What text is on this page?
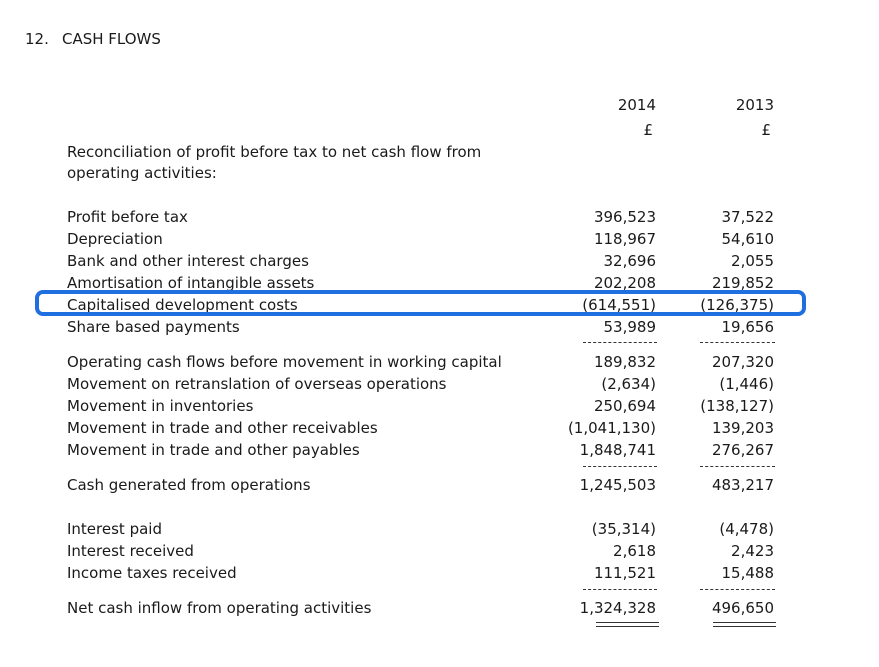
12. CASH FLOWS
2014	2013
£	£
Reconciliation of profit before tax to net cash flow from
operating activities:
Profit before tax	396,523	37,522
Depreciation	118,967	54,610
Bank and other interest charges	32,696	2,055
Amortisation of intangible assets	202,208	219,852
Capitalised development costs	(614,551)	(126,375)
Share based payments	53,989	19,656
Operating cash flows before movement in working capital	189,832	207,320
Movement on retranslation of overseas operations	(2,634)	(1,446)
Movement in inventories	250,694	(138,127)
Movement in trade and other receivables	(1,041,130)	139,203
Movement in trade and other payables	1,848,741	276,267
Cash generated from operations	1,245,503	483,217
Interest paid	(35,314)	(4,478)
Interest received	2,618	2,423
Income taxes received	111,521	15,488
Net cash inflow from operating activities	1,324,328	496,650
